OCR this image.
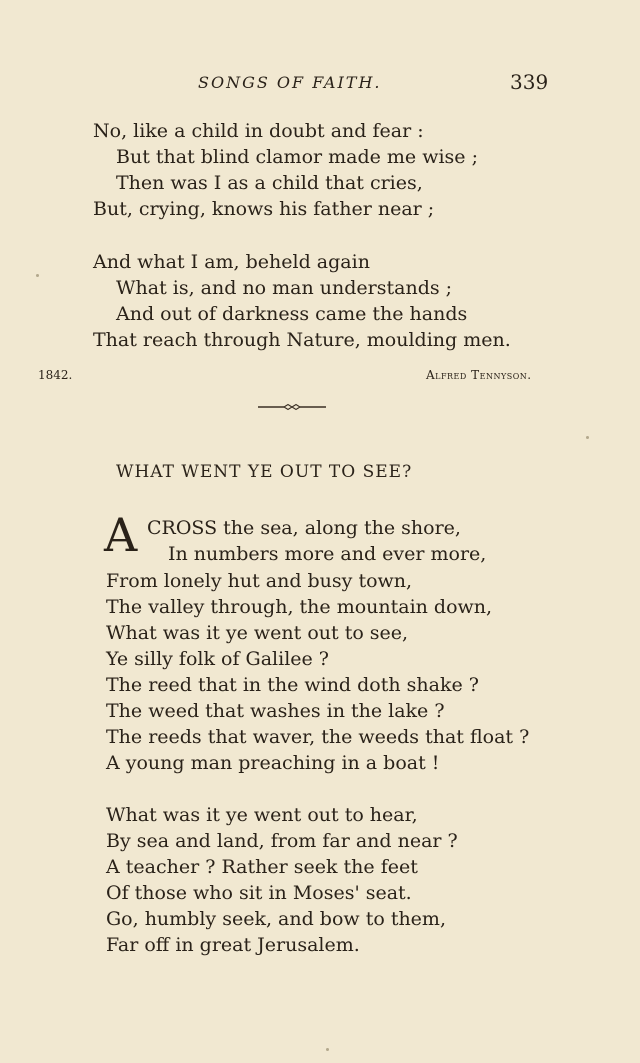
SONGS OF FAITH.	339
No, like a child in doubt and fear :
But that blind clamor made me wise ;
Then was I as a child that cries,
But, crying, knows his father near ;
And what I am, beheld again
What is, and no man understands ;
And out of darkness came the hands
That reach through Nature, moulding men.
1842.	Alfred Tennyson.
WHAT WENT YE OUT TO SEE?
A CROSS the sea, along the shore,
In numbers more and ever more,
From lonely hut and busy town,
The valley through, the mountain down,
What was it ye went out to see,
Ye silly folk of Galilee ?
The reed that in the wind doth shake ?
The weed that washes in the lake ?
The reeds that waver, the weeds that float ?
A young man preaching in a boat !
What was it ye went out to hear,
By sea and land, from far and near ?
A teacher ? Rather seek the feet
Of those who sit in Moses' seat.
Go, humbly seek, and bow to them,
Far off in great Jerusalem.
